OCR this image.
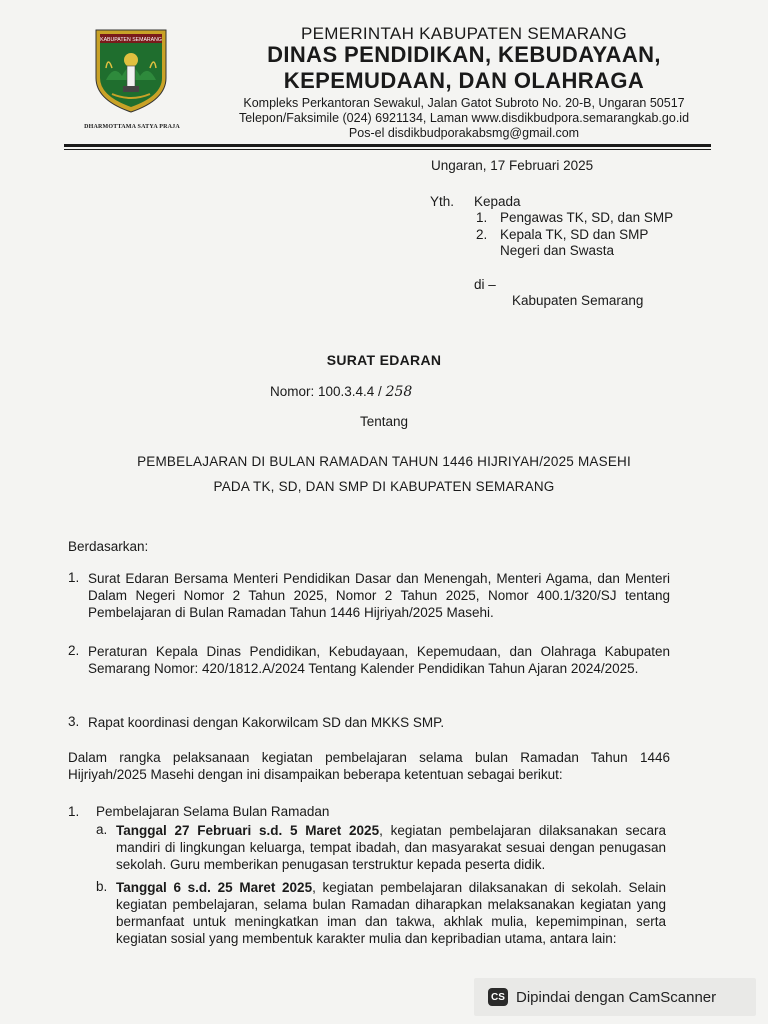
KABUPATEN SEMARANG
DHARMOTTAMA SATYA PRAJA
PEMERINTAH KABUPATEN SEMARANG
DINAS PENDIDIKAN, KEBUDAYAAN,
KEPEMUDAAN, DAN OLAHRAGA
Kompleks Perkantoran Sewakul, Jalan Gatot Subroto No. 20-B, Ungaran 50517
Telepon/Faksimile (024) 6921134, Laman www.disdikbudpora.semarangkab.go.id
Pos-el disdikbudporakabsmg@gmail.com
Ungaran, 17 Februari 2025
Yth. Kepada
1. Pengawas TK, SD, dan SMP
2. Kepala TK, SD dan SMP
Negeri dan Swasta
di –
Kabupaten Semarang
SURAT EDARAN
Nomor: 100.3.4.4 / 258
Tentang
PEMBELAJARAN DI BULAN RAMADAN TAHUN 1446 HIJRIYAH/2025 MASEHI
PADA TK, SD, DAN SMP DI KABUPATEN SEMARANG
Berdasarkan:
1. Surat Edaran Bersama Menteri Pendidikan Dasar dan Menengah, Menteri Agama, dan Menteri Dalam Negeri Nomor 2 Tahun 2025, Nomor 2 Tahun 2025, Nomor 400.1/320/SJ tentang Pembelajaran di Bulan Ramadan Tahun 1446 Hijriyah/2025 Masehi.
2. Peraturan Kepala Dinas Pendidikan, Kebudayaan, Kepemudaan, dan Olahraga Kabupaten Semarang Nomor: 420/1812.A/2024 Tentang Kalender Pendidikan Tahun Ajaran 2024/2025.
3. Rapat koordinasi dengan Kakorwilcam SD dan MKKS SMP.
Dalam rangka pelaksanaan kegiatan pembelajaran selama bulan Ramadan Tahun 1446 Hijriyah/2025 Masehi dengan ini disampaikan beberapa ketentuan sebagai berikut:
1. Pembelajaran Selama Bulan Ramadan
a. Tanggal 27 Februari s.d. 5 Maret 2025, kegiatan pembelajaran dilaksanakan secara mandiri di lingkungan keluarga, tempat ibadah, dan masyarakat sesuai dengan penugasan sekolah. Guru memberikan penugasan terstruktur kepada peserta didik.
b. Tanggal 6 s.d. 25 Maret 2025, kegiatan pembelajaran dilaksanakan di sekolah. Selain kegiatan pembelajaran, selama bulan Ramadan diharapkan melaksanakan kegiatan yang bermanfaat untuk meningkatkan iman dan takwa, akhlak mulia, kepemimpinan, serta kegiatan sosial yang membentuk karakter mulia dan kepribadian utama, antara lain:
CS Dipindai dengan CamScanner
